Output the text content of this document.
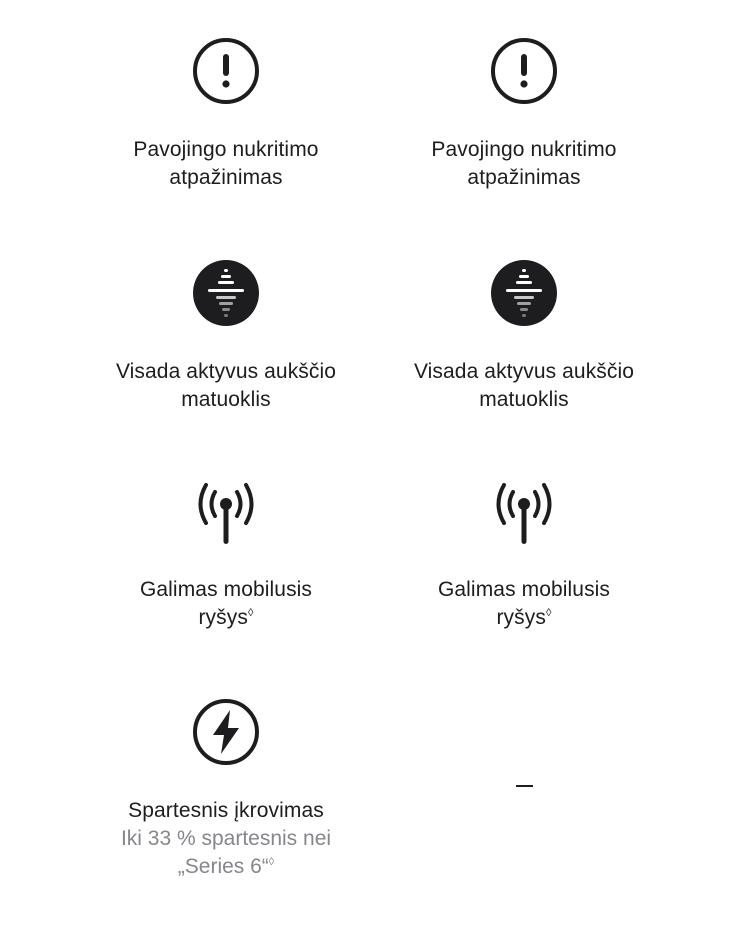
Pavojingo nukritimo
atpažinimas
Visada aktyvus aukščio
matuoklis
Galimas mobilusis
ryšys◊
Spartesnis įkrovimas
Iki 33 % spartesnis nei
„Series 6“◊
Pavojingo nukritimo
atpažinimas
Visada aktyvus aukščio
matuoklis
Galimas mobilusis
ryšys◊
